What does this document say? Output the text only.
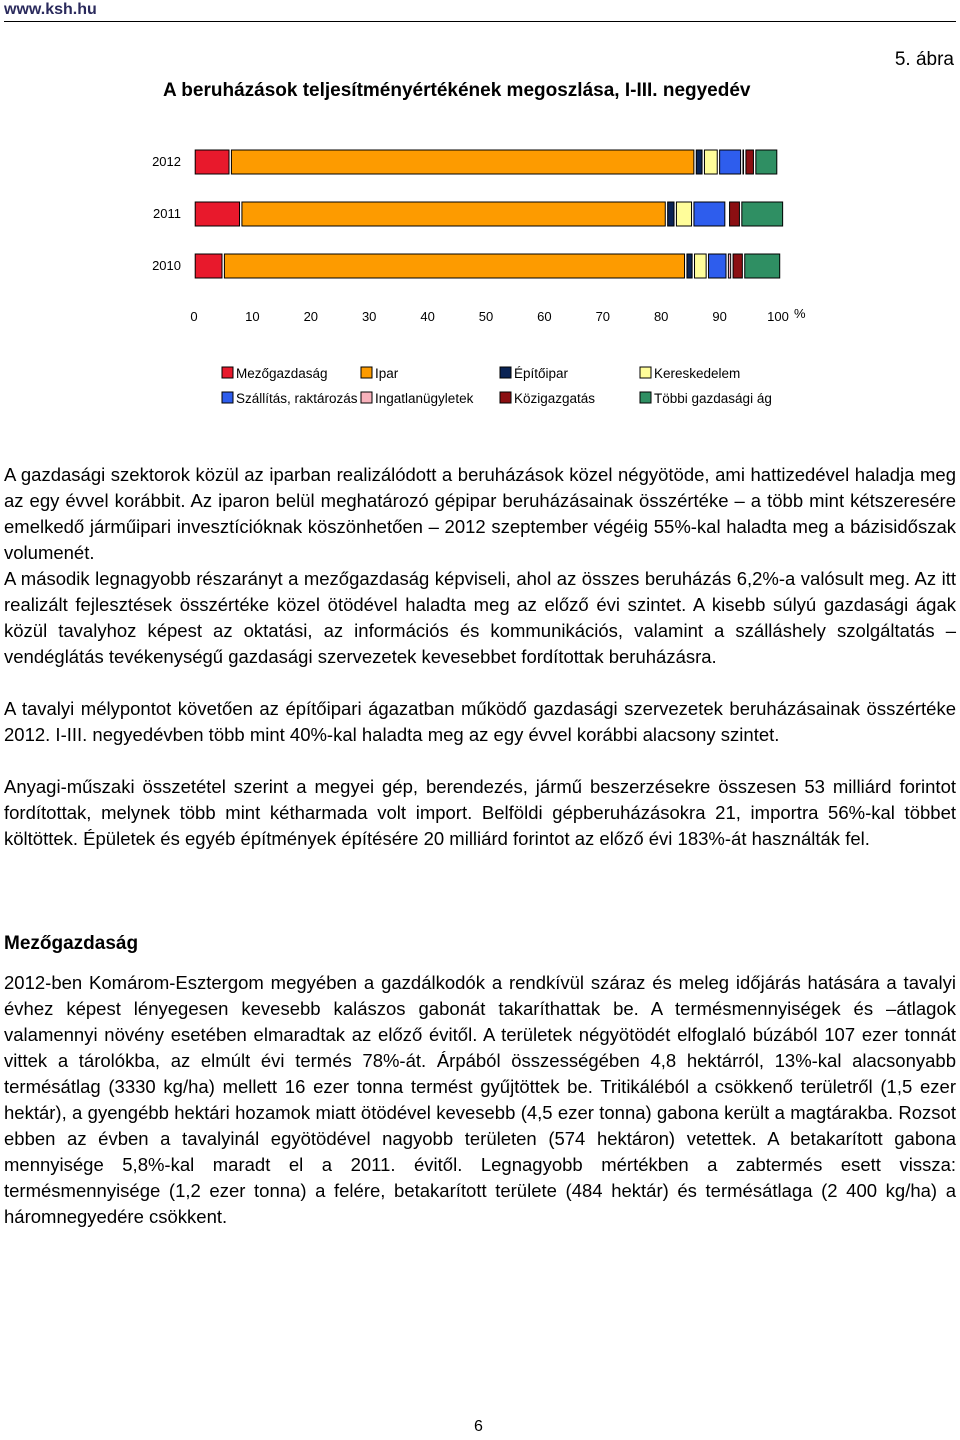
www.ksh.hu
5. ábra
A beruházások teljesítményértékének megoszlása, I-III. negyedév
2012
2011
2010
0	10	20	30	40	50	60	70	80	90	100 %
Mezőgazdaság	Ipar	Építőipar	Kereskedelem
Szállítás, raktározás Ingatlanügyletek	Közigazgatás	Többi gazdasági ág

A gazdasági szektorok közül az iparban realizálódott a beruházások közel négyötöde, ami hattizedével haladja meg az egy évvel korábbit. Az iparon belül meghatározó gépipar beruházásainak összértéke – a több mint kétszeresére emelkedő járműipari invesztícióknak köszönhetően – 2012 szeptember végéig 55%-kal haladta meg a bázisidőszak volumenét.

A második legnagyobb részarányt a mezőgazdaság képviseli, ahol az összes beruházás 6,2%-a valósult meg. Az itt realizált fejlesztések összértéke közel ötödével haladta meg az előző évi szintet. A kisebb súlyú gazdasági ágak közül tavalyhoz képest az oktatási, az információs és kommunikációs, valamint a szálláshely szolgáltatás – vendéglátás tevékenységű gazdasági szervezetek kevesebbet fordítottak beruházásra.

A tavalyi mélypontot követően az építőipari ágazatban működő gazdasági szervezetek beruházásainak összértéke 2012. I-III. negyedévben több mint 40%-kal haladta meg az egy évvel korábbi alacsony szintet.

Anyagi-műszaki összetétel szerint a megyei gép, berendezés, jármű beszerzésekre összesen 53 milliárd forintot fordítottak, melynek több mint kétharmada volt import. Belföldi gépberuházásokra 21, importra 56%-kal többet költöttek. Épületek és egyéb építmények építésére 20 milliárd forintot az előző évi 183%-át használták fel.

Mezőgazdaság

2012-ben Komárom-Esztergom megyében a gazdálkodók a rendkívül száraz és meleg időjárás hatására a tavalyi évhez képest lényegesen kevesebb kalászos gabonát takaríthattak be. A termésmennyiségek és –átlagok valamennyi növény esetében elmaradtak az előző évitől. A területek négyötödét elfoglaló búzából 107 ezer tonnát vittek a tárolókba, az elmúlt évi termés 78%-át. Árpából összességében 4,8 hektárról, 13%-kal alacsonyabb termésátlag (3330 kg/ha) mellett 16 ezer tonna termést gyűjtöttek be. Tritikáléból a csökkenő területről (1,5 ezer hektár), a gyengébb hektári hozamok miatt ötödével kevesebb (4,5 ezer tonna) gabona került a magtárakba. Rozsot ebben az évben a tavalyinál egyötödével nagyobb területen (574 hektáron) vetettek. A betakarított gabona mennyisége 5,8%-kal maradt el a 2011. évitől. Legnagyobb mértékben a zabtermés esett vissza: termésmennyisége (1,2 ezer tonna) a felére, betakarított területe (484 hektár) és termésátlaga (2 400 kg/ha) a háromnegyedére csökkent.

6
